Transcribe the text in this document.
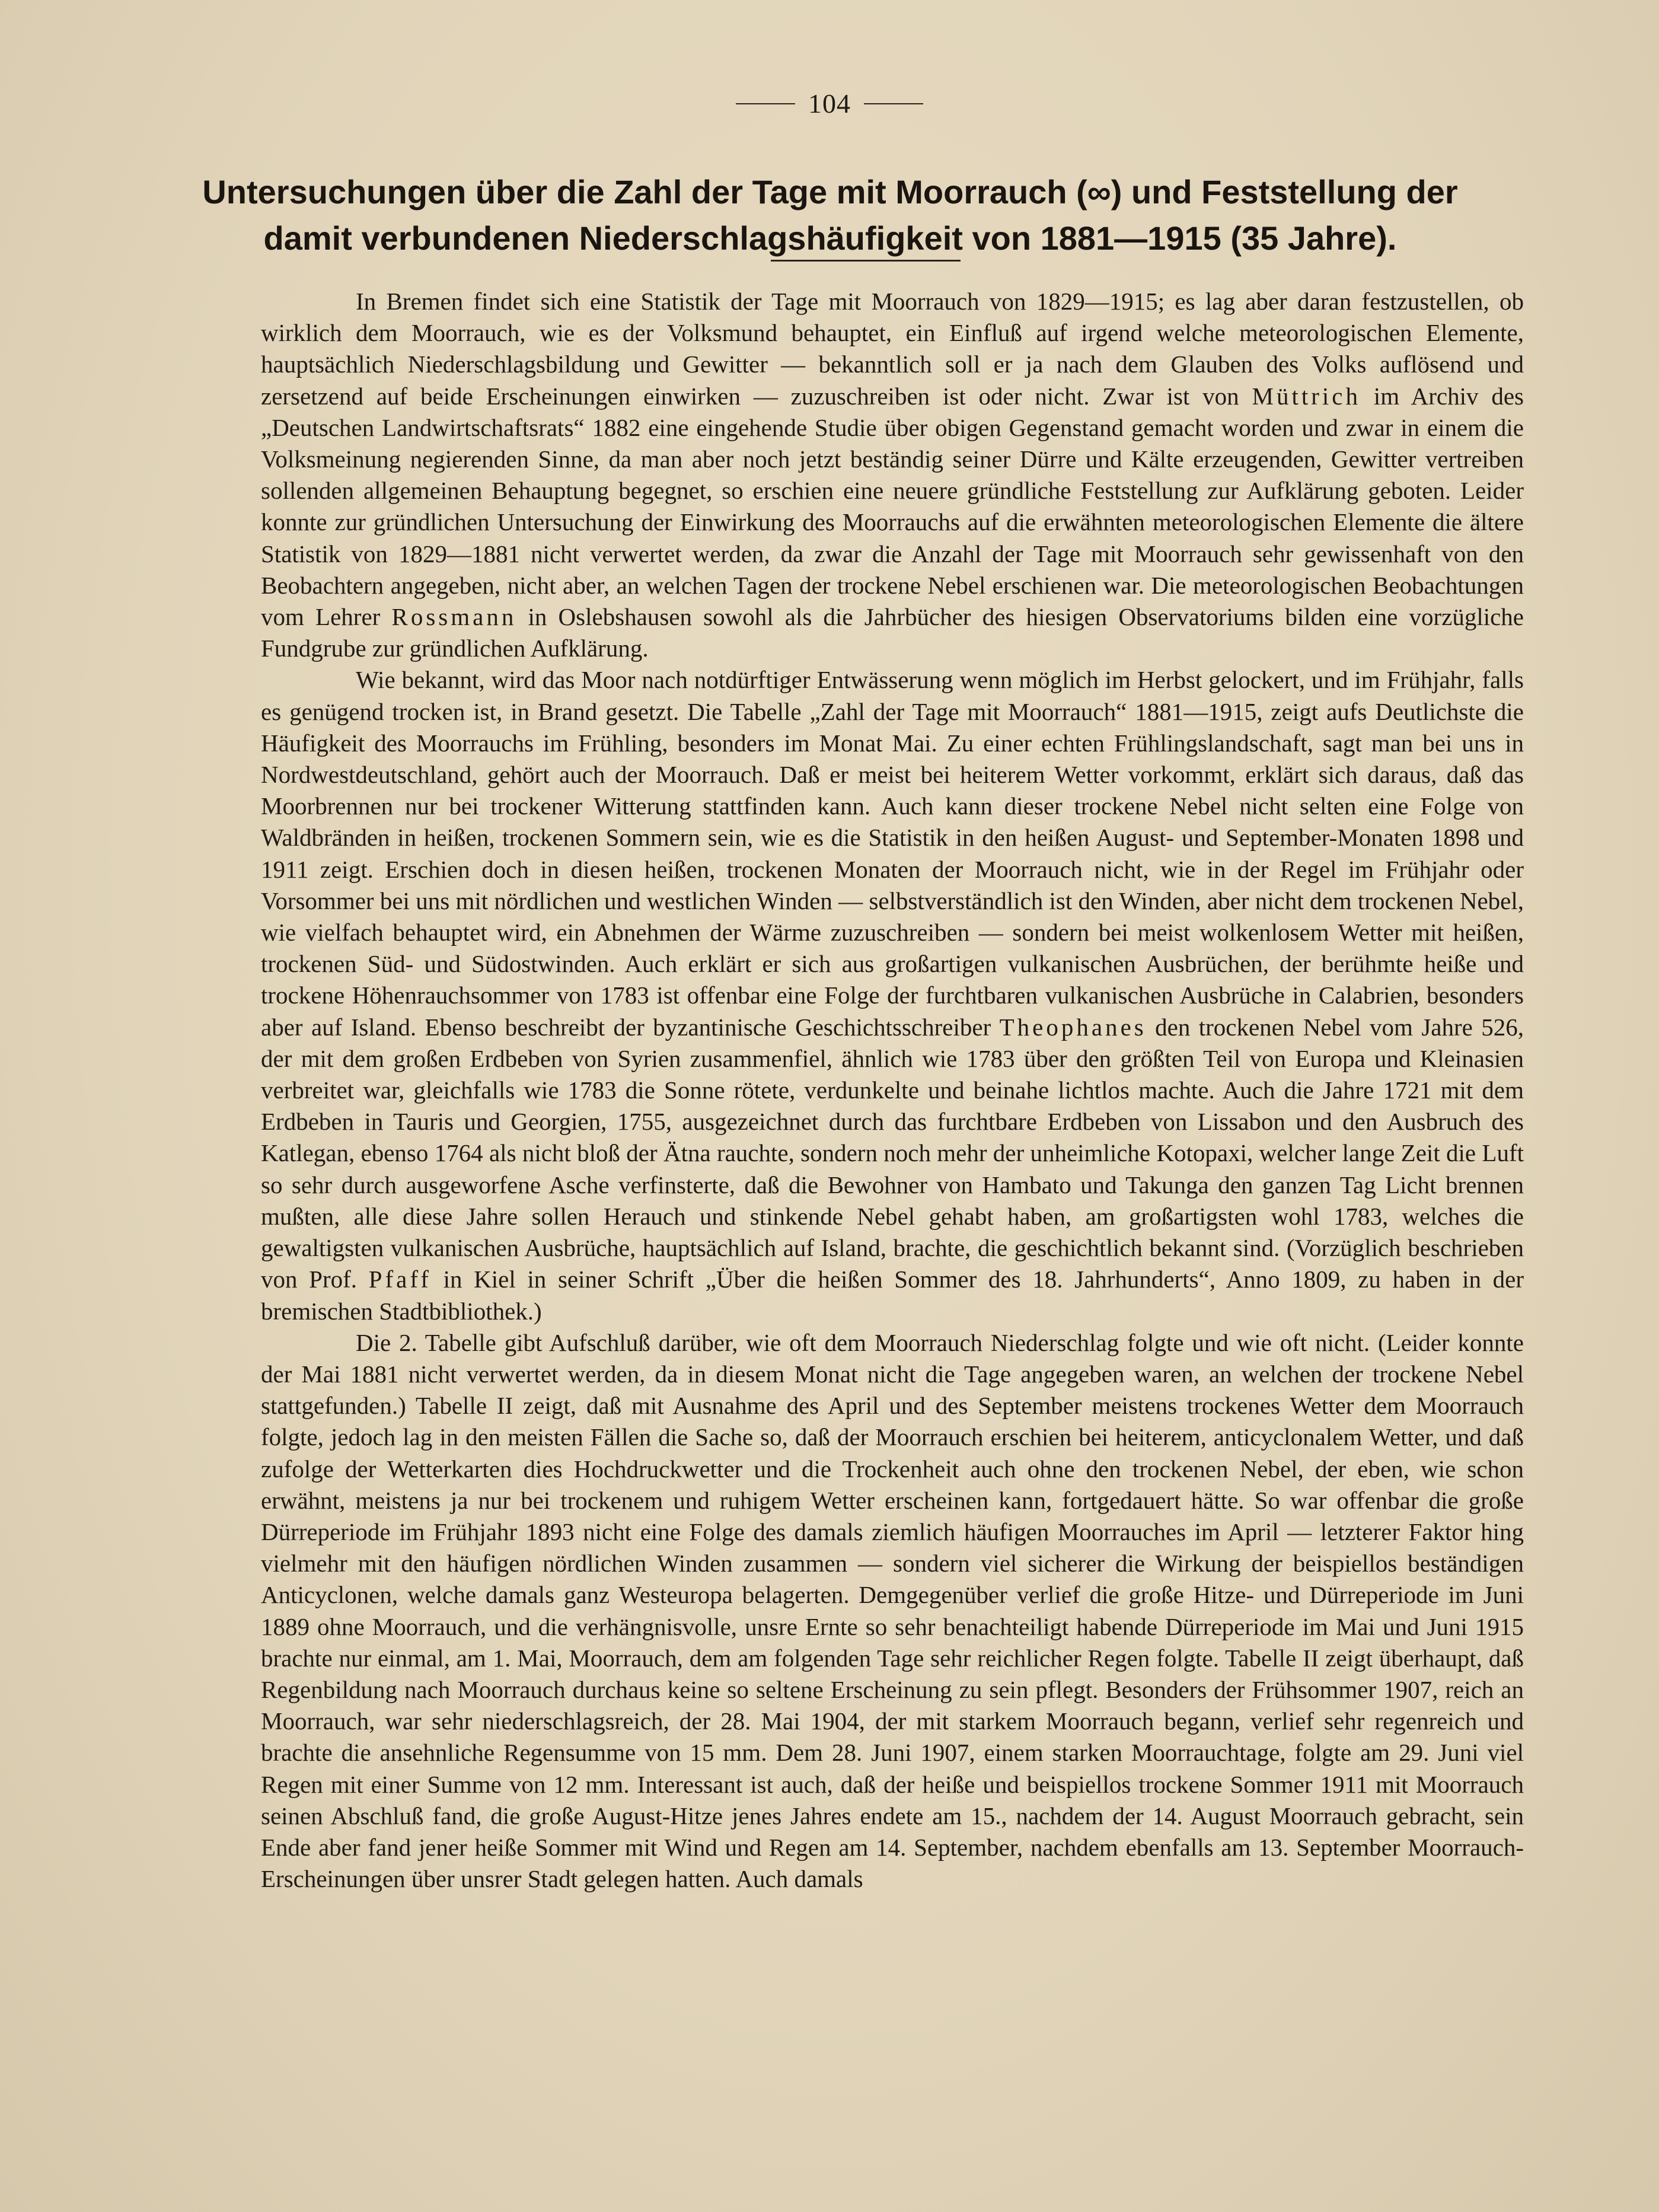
104
Untersuchungen über die Zahl der Tage mit Moorrauch (∞) und Feststellung der
damit verbundenen Niederschlagshäufigkeit von 1881—1915 (35 Jahre).

In Bremen findet sich eine Statistik der Tage mit Moorrauch von 1829—1915; es lag aber daran festzustellen, ob wirklich dem Moorrauch, wie es der Volksmund behauptet, ein Einfluß auf irgend welche meteorologischen Elemente, hauptsächlich Niederschlagsbildung und Gewitter — bekanntlich soll er ja nach dem Glauben des Volks auflösend und zersetzend auf beide Erscheinungen einwirken — zuzuschreiben ist oder nicht. Zwar ist von Müttrich im Archiv des „Deutschen Landwirtschaftsrats“ 1882 eine eingehende Studie über obigen Gegenstand gemacht worden und zwar in einem die Volksmeinung negierenden Sinne, da man aber noch jetzt beständig seiner Dürre und Kälte erzeugenden, Gewitter vertreiben sollenden allgemeinen Behauptung begegnet, so erschien eine neuere gründliche Feststellung zur Aufklärung geboten. Leider konnte zur gründlichen Untersuchung der Einwirkung des Moorrauchs auf die erwähnten meteorologischen Elemente die ältere Statistik von 1829—1881 nicht verwertet werden, da zwar die Anzahl der Tage mit Moorrauch sehr gewissenhaft von den Beobachtern angegeben, nicht aber, an welchen Tagen der trockene Nebel erschienen war. Die meteorologischen Beobachtungen vom Lehrer Rossmann in Oslebshausen sowohl als die Jahrbücher des hiesigen Observatoriums bilden eine vorzügliche Fundgrube zur gründlichen Aufklärung.

Wie bekannt, wird das Moor nach notdürftiger Entwässerung wenn möglich im Herbst gelockert, und im Frühjahr, falls es genügend trocken ist, in Brand gesetzt. Die Tabelle „Zahl der Tage mit Moorrauch“ 1881—1915, zeigt aufs Deutlichste die Häufigkeit des Moorrauchs im Frühling, besonders im Monat Mai. Zu einer echten Frühlingslandschaft, sagt man bei uns in Nordwestdeutschland, gehört auch der Moorrauch. Daß er meist bei heiterem Wetter vorkommt, erklärt sich daraus, daß das Moorbrennen nur bei trockener Witterung stattfinden kann. Auch kann dieser trockene Nebel nicht selten eine Folge von Waldbränden in heißen, trockenen Sommern sein, wie es die Statistik in den heißen August- und September-Monaten 1898 und 1911 zeigt. Erschien doch in diesen heißen, trockenen Monaten der Moorrauch nicht, wie in der Regel im Frühjahr oder Vorsommer bei uns mit nördlichen und westlichen Winden — selbstverständlich ist den Winden, aber nicht dem trockenen Nebel, wie vielfach behauptet wird, ein Abnehmen der Wärme zuzuschreiben — sondern bei meist wolkenlosem Wetter mit heißen, trockenen Süd- und Südostwinden. Auch erklärt er sich aus großartigen vulkanischen Ausbrüchen, der berühmte heiße und trockene Höhenrauchsommer von 1783 ist offenbar eine Folge der furchtbaren vulkanischen Ausbrüche in Calabrien, besonders aber auf Island. Ebenso beschreibt der byzantinische Geschichtsschreiber Theophanes den trockenen Nebel vom Jahre 526, der mit dem großen Erdbeben von Syrien zusammenfiel, ähnlich wie 1783 über den größten Teil von Europa und Kleinasien verbreitet war, gleichfalls wie 1783 die Sonne rötete, verdunkelte und beinahe lichtlos machte. Auch die Jahre 1721 mit dem Erdbeben in Tauris und Georgien, 1755, ausgezeichnet durch das furchtbare Erdbeben von Lissabon und den Ausbruch des Katlegan, ebenso 1764 als nicht bloß der Ätna rauchte, sondern noch mehr der unheimliche Kotopaxi, welcher lange Zeit die Luft so sehr durch ausgeworfene Asche verfinsterte, daß die Bewohner von Hambato und Takunga den ganzen Tag Licht brennen mußten, alle diese Jahre sollen Herauch und stinkende Nebel gehabt haben, am großartigsten wohl 1783, welches die gewaltigsten vulkanischen Ausbrüche, hauptsächlich auf Island, brachte, die geschichtlich bekannt sind. (Vorzüglich beschrieben von Prof. Pfaff in Kiel in seiner Schrift „Über die heißen Sommer des 18. Jahrhunderts“, Anno 1809, zu haben in der bremischen Stadtbibliothek.)

Die 2. Tabelle gibt Aufschluß darüber, wie oft dem Moorrauch Niederschlag folgte und wie oft nicht. (Leider konnte der Mai 1881 nicht verwertet werden, da in diesem Monat nicht die Tage angegeben waren, an welchen der trockene Nebel stattgefunden.) Tabelle II zeigt, daß mit Ausnahme des April und des September meistens trockenes Wetter dem Moorrauch folgte, jedoch lag in den meisten Fällen die Sache so, daß der Moorrauch erschien bei heiterem, anticyclonalem Wetter, und daß zufolge der Wetterkarten dies Hochdruckwetter und die Trockenheit auch ohne den trockenen Nebel, der eben, wie schon erwähnt, meistens ja nur bei trockenem und ruhigem Wetter erscheinen kann, fortgedauert hätte. So war offenbar die große Dürreperiode im Frühjahr 1893 nicht eine Folge des damals ziemlich häufigen Moorrauches im April — letzterer Faktor hing vielmehr mit den häufigen nördlichen Winden zusammen — sondern viel sicherer die Wirkung der beispiellos beständigen Anticyclonen, welche damals ganz Westeuropa belagerten. Demgegenüber verlief die große Hitze- und Dürreperiode im Juni 1889 ohne Moorrauch, und die verhängnisvolle, unsre Ernte so sehr benachteiligt habende Dürreperiode im Mai und Juni 1915 brachte nur einmal, am 1. Mai, Moorrauch, dem am folgenden Tage sehr reichlicher Regen folgte. Tabelle II zeigt überhaupt, daß Regenbildung nach Moorrauch durchaus keine so seltene Erscheinung zu sein pflegt. Besonders der Frühsommer 1907, reich an Moorrauch, war sehr niederschlagsreich, der 28. Mai 1904, der mit starkem Moorrauch begann, verlief sehr regenreich und brachte die ansehnliche Regensumme von 15 mm. Dem 28. Juni 1907, einem starken Moorrauchtage, folgte am 29. Juni viel Regen mit einer Summe von 12 mm. Interessant ist auch, daß der heiße und beispiellos trockene Sommer 1911 mit Moorrauch seinen Abschluß fand, die große August-Hitze jenes Jahres endete am 15., nachdem der 14. August Moorrauch gebracht, sein Ende aber fand jener heiße Sommer mit Wind und Regen am 14. September, nachdem ebenfalls am 13. September Moorrauch-Erscheinungen über unsrer Stadt gelegen hatten. Auch damals
